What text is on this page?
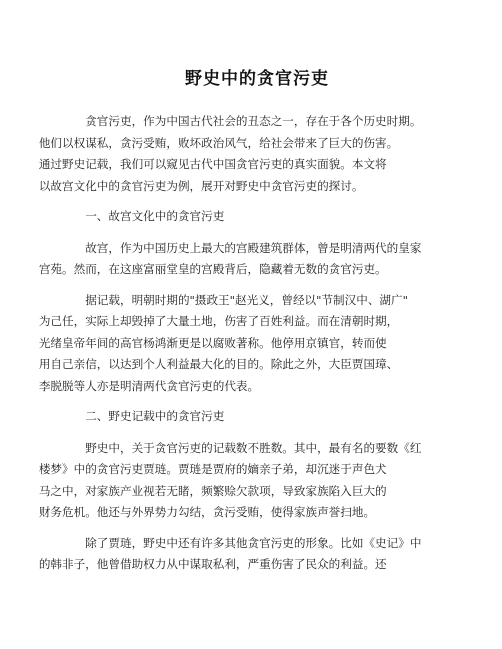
野史中的贪官污吏

贪官污吏，作为中国古代社会的丑态之一，存在于各个历史时期。
他们以权谋私，贪污受贿，败坏政治风气，给社会带来了巨大的伤害。
通过野史记载，我们可以窥见古代中国贪官污吏的真实面貌。本文将
以故宫文化中的贪官污吏为例，展开对野史中贪官污吏的探讨。

一、故宫文化中的贪官污吏

故宫，作为中国历史上最大的宫殿建筑群体，曾是明清两代的皇家
宫苑。然而，在这座富丽堂皇的宫殿背后，隐藏着无数的贪官污吏。

据记载，明朝时期的"摄政王"赵光义，曾经以"节制汉中、湖广"
为己任，实际上却毁掉了大量土地，伤害了百姓利益。而在清朝时期，
光绪皇帝年间的高官杨鸿渐更是以腐败著称。他停用京镇官，转而使
用自己亲信，以达到个人利益最大化的目的。除此之外，大臣贾国璋、
李脱脱等人亦是明清两代贪官污吏的代表。

二、野史记载中的贪官污吏

野史中，关于贪官污吏的记载数不胜数。其中，最有名的要数《红
楼梦》中的贪官污吏贾琏。贾琏是贾府的嫡亲子弟，却沉迷于声色犬
马之中，对家族产业视若无睹，频繁赊欠款项，导致家族陷入巨大的
财务危机。他还与外界势力勾结，贪污受贿，使得家族声誉扫地。

除了贾琏，野史中还有许多其他贪官污吏的形象。比如《史记》中
的韩非子，他曾借助权力从中谋取私利，严重伤害了民众的利益。还
